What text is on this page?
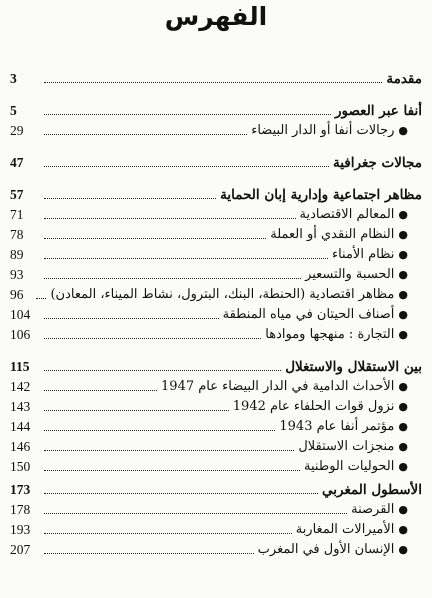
الفهرس
مقدمة
3
أنفا عبر العصور
5
●
رجالات أنفا أو الدار البيضاء
29
مجالات جغرافية
47
مظاهر اجتماعية وإدارية إبان الحماية
57
●
المعالم الاقتصادية
71
●
النظام النقدي أو العملة
78
●
نظام الأمناء
89
●
الحسبة والتسعير
93
●
مظاهر اقتصادية (الحنطة، البنك، البترول، نشاط الميناء، المعادن)
96
●
أصناف الحيتان في مياه المنطقة
104
●
التجارة : منهجها وموادها
106
بين الاستقلال والاستغلال
115
●
الأحداث الدامية في الدار البيضاء عام 1947
142
●
نزول قوات الحلفاء عام 1942
143
●
مؤتمر أنفا عام 1943
144
●
منجزات الاستقلال
146
●
الحوليات الوطنية
150
الأسطول المغربي
173
●
القرصنة
178
●
الأميرالات المغاربة
193
●
الإنسان الأول في المغرب
207
